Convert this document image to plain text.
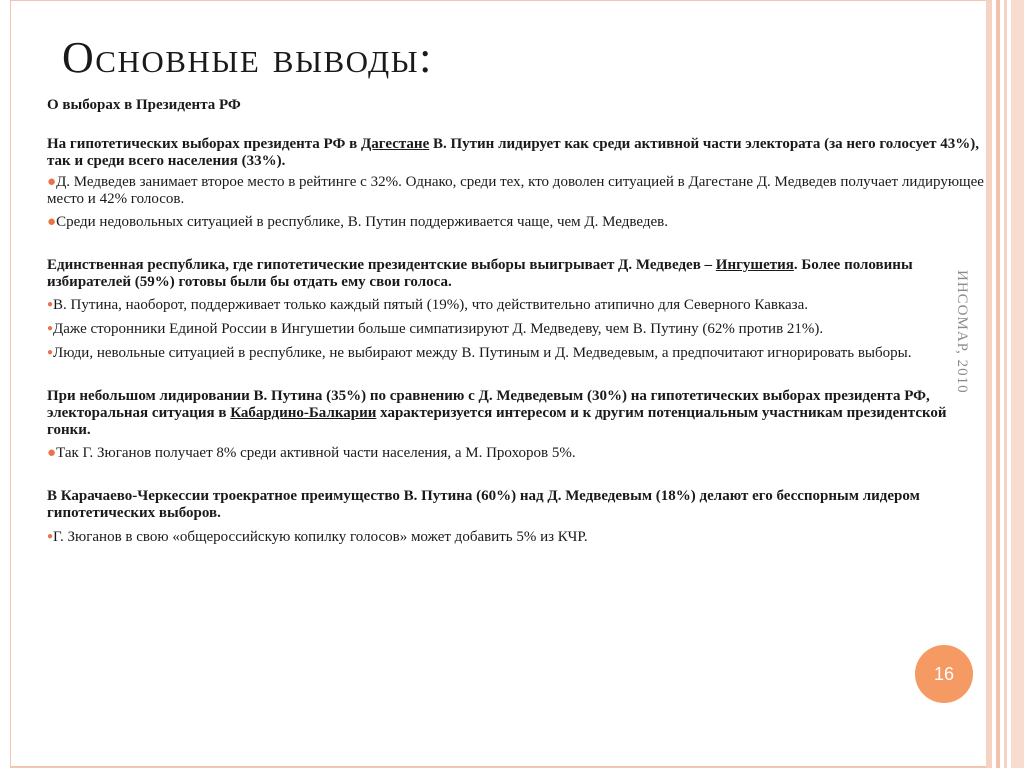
Основные выводы:
ИНСОМАР, 2010

О выборах в Президента РФ

На гипотетических выборах президента РФ в Дагестане В. Путин лидирует как среди активной части электората (за него голосует 43%), так и среди всего населения (33%).

●Д. Медведев занимает второе место в рейтинге с 32%. Однако, среди тех, кто доволен ситуацией в Дагестане Д. Медведев получает лидирующее место и 42% голосов.

●Среди недовольных ситуацией в республике, В. Путин поддерживается чаще, чем Д. Медведев.

Единственная республика, где гипотетические президентские выборы выигрывает Д. Медведев – Ингушетия. Более половины избирателей (59%) готовы были бы отдать ему свои голоса.

●В. Путина, наоборот, поддерживает только каждый пятый (19%), что действительно атипично для Северного Кавказа.

●Даже сторонники Единой России в Ингушетии больше симпатизируют Д. Медведеву, чем В. Путину (62% против 21%).

●Люди, невольные ситуацией в республике, не выбирают между В. Путиным и Д. Медведевым, а предпочитают игнорировать выборы.

При небольшом лидировании В. Путина (35%) по сравнению с Д. Медведевым (30%) на гипотетических выборах президента РФ, электоральная ситуация в Кабардино-Балкарии характеризуется интересом и к другим потенциальным участникам президентской гонки.

●Так Г. Зюганов получает 8% среди активной части населения, а М. Прохоров 5%.

В Карачаево-Черкессии троекратное преимущество В. Путина (60%) над Д. Медведевым (18%) делают его бесспорным лидером гипотетических выборов.

●Г. Зюганов в свою «общероссийскую копилку голосов» может добавить 5% из КЧР.

16
